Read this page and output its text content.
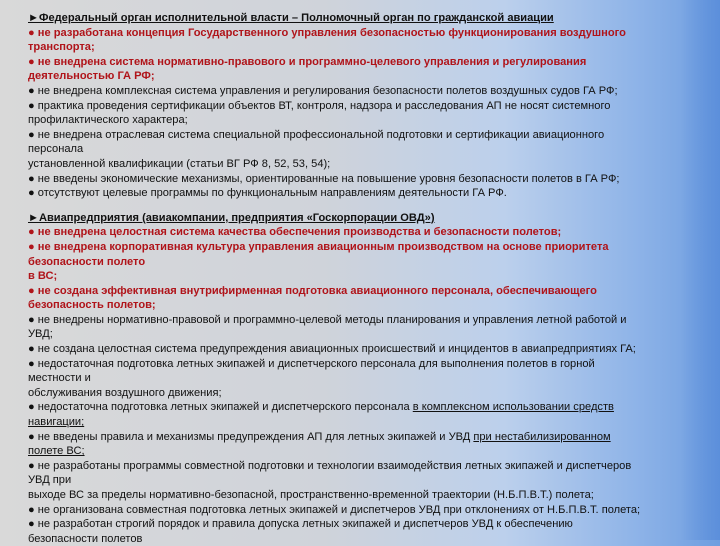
►Федеральный орган исполнительной власти – Полномочный орган по гражданской авиации
● не разработана концепция Государственного управления безопасностью функционирования воздушного
транспорта;
● не внедрена система нормативно-правового и программно-целевого управления и регулирования
деятельностью ГА РФ;
● не внедрена комплексная система управления и регулирования безопасности полетов воздушных судов ГА РФ;
● практика проведения сертификации объектов ВТ, контроля, надзора и расследования АП не носят системного
профилактического характера;
● не внедрена отраслевая система специальной профессиональной подготовки и сертификации авиационного
персонала
установленной квалификации (статьи ВГ РФ 8, 52, 53, 54);
● не введены экономические механизмы, ориентированные на повышение уровня безопасности полетов в ГА РФ;
● отсутствуют целевые программы по функциональным направлениям деятельности ГА РФ.
►Авиапредприятия (авиакомпании, предприятия «Госкорпорации ОВД»)
● не внедрена целостная система качества обеспечения производства и безопасности полетов;
● не внедрена корпоративная культура управления авиационным производством на основе приоритета
безопасности полето
в ВС;
● не создана эффективная внутрифирменная подготовка авиационного персонала, обеспечивающего
безопасность полетов;
● не внедрены нормативно-правовой и программно-целевой методы планирования и управления летной работой и
УВД;
● не создана целостная система предупреждения авиационных происшествий и инцидентов в авиапредприятиях ГА;
● недостаточная подготовка летных экипажей и диспетчерского персонала для выполнения полетов в горной
местности и
обслуживания воздушного движения;
● недостаточна подготовка летных экипажей и диспетчерского персонала в комплексном использовании средств
навигации;
● не введены правила и механизмы предупреждения АП для летных экипажей и УВД при нестабилизированном
полете ВС;
● не разработаны программы совместной подготовки и технологии взаимодействия летных экипажей и диспетчеров
УВД при
выходе ВС за пределы нормативно-безопасной, пространственно-временной траектории (Н.Б.П.В.Т.) полета;
● не организована совместная подготовка летных экипажей и диспетчеров УВД при отклонениях от Н.Б.П.В.Т. полета;
● не разработан строгий порядок и правила допуска летных экипажей и диспетчеров УВД к обеспечению
безопасности полетов
